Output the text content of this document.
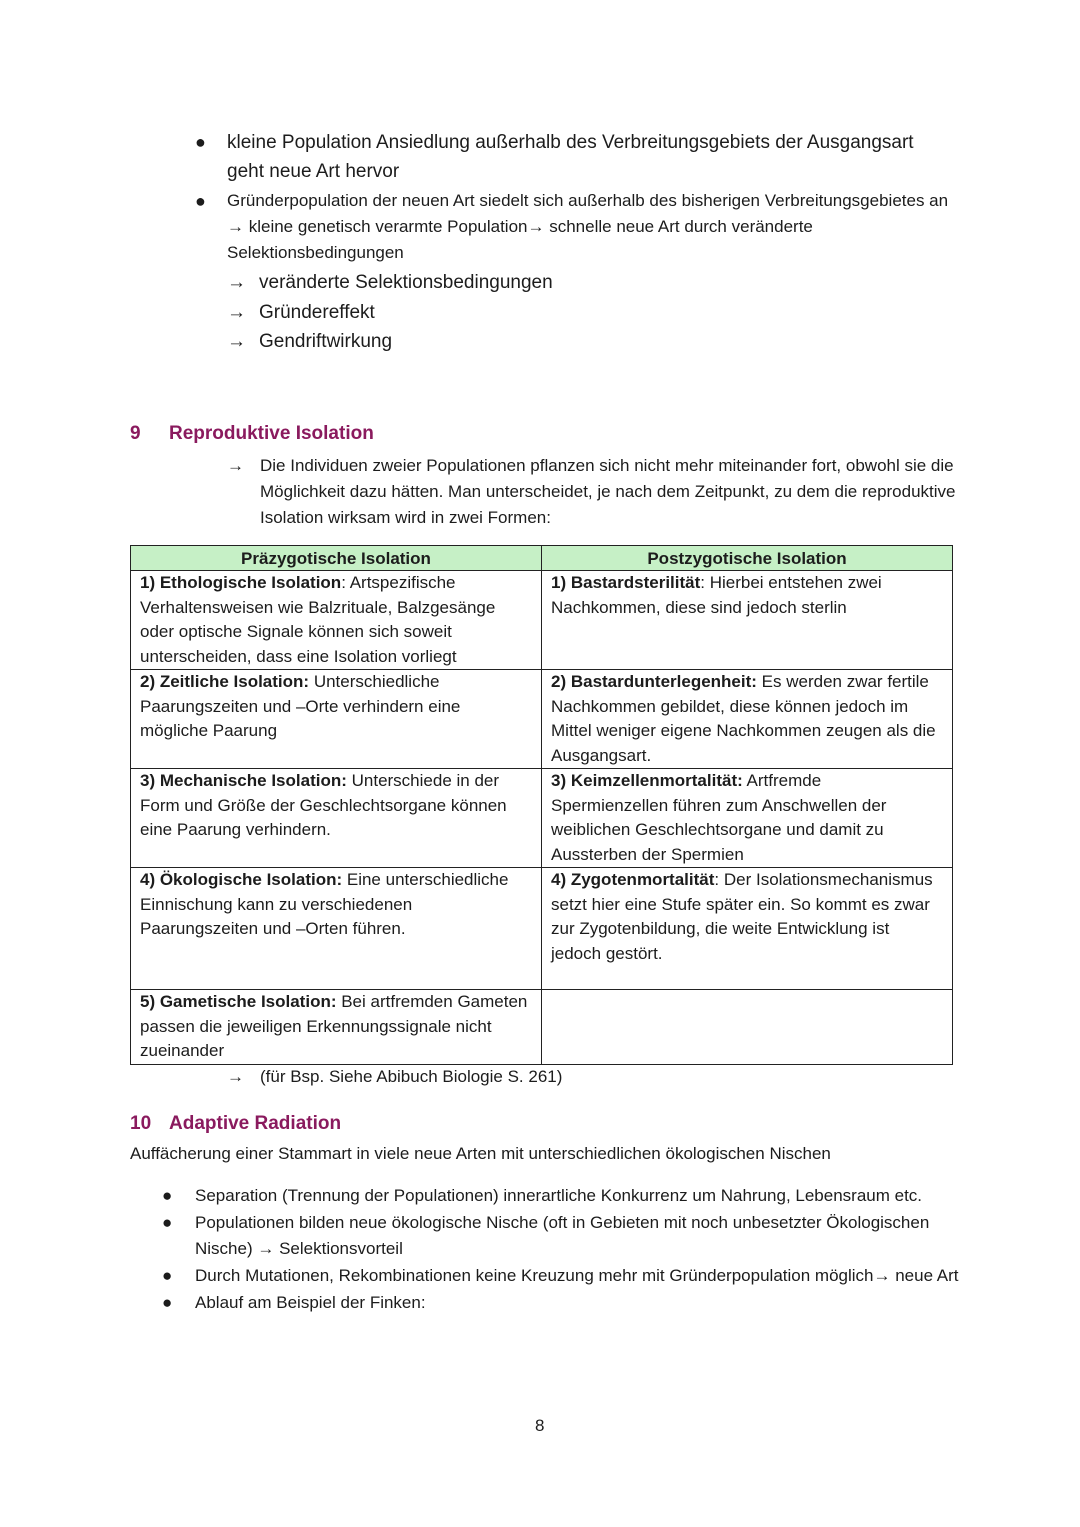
● kleine Population Ansiedlung außerhalb des Verbreitungsgebiets der Ausgangsart geht neue Art hervor
● Gründerpopulation der neuen Art siedelt sich außerhalb des bisherigen Verbreitungsgebietes an → kleine genetisch verarmte Population→ schnelle neue Art durch veränderte Selektionsbedingungen
→ veränderte Selektionsbedingungen
→ Gründereffekt
→ Gendriftwirkung
9 Reproduktive Isolation
→ Die Individuen zweier Populationen pflanzen sich nicht mehr miteinander fort, obwohl sie die Möglichkeit dazu hätten. Man unterscheidet, je nach dem Zeitpunkt, zu dem die reproduktive Isolation wirksam wird in zwei Formen:
Präzygotische Isolation	Postzygotische Isolation
1) Ethologische Isolation: Artspezifische Verhaltensweisen wie Balzrituale, Balzgesänge oder optische Signale können sich soweit unterscheiden, dass eine Isolation vorliegt	1) Bastardsterilität: Hierbei entstehen zwei Nachkommen, diese sind jedoch sterlin
2) Zeitliche Isolation: Unterschiedliche Paarungszeiten und –Orte verhindern eine mögliche Paarung	2) Bastardunterlegenheit: Es werden zwar fertile Nachkommen gebildet, diese können jedoch im Mittel weniger eigene Nachkommen zeugen als die Ausgangsart.
3) Mechanische Isolation: Unterschiede in der Form und Größe der Geschlechtsorgane können eine Paarung verhindern.	3) Keimzellenmortalität: Artfremde Spermienzellen führen zum Anschwellen der weiblichen Geschlechtsorgane und damit zu Aussterben der Spermien
4) Ökologische Isolation: Eine unterschiedliche Einnischung kann zu verschiedenen Paarungszeiten und –Orten führen.	4) Zygotenmortalität: Der Isolationsmechanismus setzt hier eine Stufe später ein. So kommt es zwar zur Zygotenbildung, die weite Entwicklung ist jedoch gestört.
5) Gametische Isolation: Bei artfremden Gameten passen die jeweiligen Erkennungssignale nicht zueinander	
→ (für Bsp. Siehe Abibuch Biologie S. 261)
10 Adaptive Radiation
Auffächerung einer Stammart in viele neue Arten mit unterschiedlichen ökologischen Nischen
● Separation (Trennung der Populationen) innerartliche Konkurrenz um Nahrung, Lebensraum etc.
● Populationen bilden neue ökologische Nische (oft in Gebieten mit noch unbesetzter Ökologischen Nische) → Selektionsvorteil
● Durch Mutationen, Rekombinationen keine Kreuzung mehr mit Gründerpopulation möglich→ neue Art
● Ablauf am Beispiel der Finken:
8
